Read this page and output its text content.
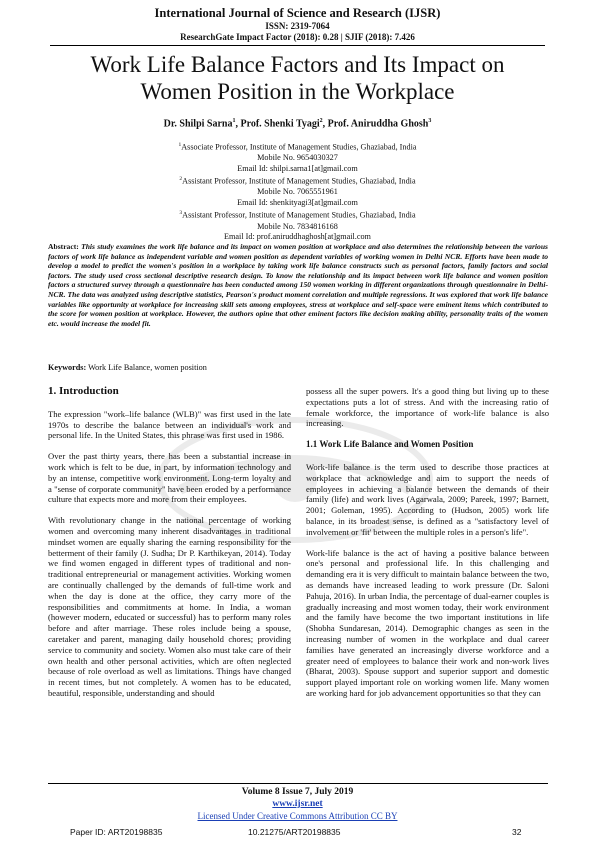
International Journal of Science and Research (IJSR)
ISSN: 2319-7064
ResearchGate Impact Factor (2018): 0.28 | SJIF (2018): 7.426
Work Life Balance Factors and Its Impact on
Women Position in the Workplace
Dr. Shilpi Sarna$^1$, Prof. Shenki Tyagi$^2$, Prof. Aniruddha Ghosh$^3$
$^1$Associate Professor, Institute of Management Studies, Ghaziabad, India
Mobile No. 9654030327
Email Id: shilpi.sarna1[at]gmail.com
$^2$Assistant Professor, Institute of Management Studies, Ghaziabad, India
Mobile No. 7065551961
Email Id: shenkityagi3[at]gmail.com
$^3$Assistant Professor, Institute of Management Studies, Ghaziabad, India
Mobile No. 7834816168
Email Id: prof.aniruddhaghosh[at]gmail.com
Abstract: This study examines the work life balance and its impact on women position at workplace and also determines the relationship between the various factors of work life balance as independent variable and women position as dependent variables of working women in Delhi NCR. Efforts have been made to develop a model to predict the women's position in a workplace by taking work life balance constructs such as personal factors, family factors and social factors. The study used cross sectional descriptive research design. To know the relationship and its impact between work life balance and women position factors a structured survey through a questionnaire has been conducted among 150 women working in different organizations through questionnaire in Delhi-NCR. The data was analyzed using descriptive statistics, Pearson's product moment correlation and multiple regressions. It was explored that work life balance variables like opportunity at workplace for increasing skill sets among employees, stress at workplace and self-space were eminent items which contributed to the score for women position at workplace. However, the authors opine that other eminent factors like decision making ability, personality traits of the women etc. would increase the model fit.
Keywords: Work Life Balance, women position

1. Introduction

The expression "work–life balance (WLB)" was first used in the late 1970s to describe the balance between an individual's work and personal life. In the United States, this phrase was first used in 1986.

Over the past thirty years, there has been a substantial increase in work which is felt to be due, in part, by information technology and by an intense, competitive work environment. Long-term loyalty and a "sense of corporate community" have been eroded by a performance culture that expects more and more from their employees.

With revolutionary change in the national percentage of working women and overcoming many inherent disadvantages in traditional mindset women are equally sharing the earning responsibility for the betterment of their family (J. Sudha; Dr P. Karthikeyan, 2014). Today we find women engaged in different types of traditional and non-traditional entrepreneurial or management activities. Working women are continually challenged by the demands of full-time work and when the day is done at the office, they carry more of the responsibilities and commitments at home. In India, a woman (however modern, educated or successful) has to perform many roles before and after marriage. These roles include being a spouse, caretaker and parent, managing daily household chores; providing service to community and society. Women also must take care of their own health and other personal activities, which are often neglected because of role overload as well as limitations. Things have changed in recent times, but not completely. A women has to be educated, beautiful, responsible, understanding and should

possess all the super powers. It's a good thing but living up to these expectations puts a lot of stress. And with the increasing ratio of female workforce, the importance of work-life balance is also increasing.

1.1 Work Life Balance and Women Position

Work-life balance is the term used to describe those practices at workplace that acknowledge and aim to support the needs of employees in achieving a balance between the demands of their family (life) and work lives (Agarwala, 2009; Pareek, 1997; Barnett, 2001; Goleman, 1995). According to (Hudson, 2005) work life balance, in its broadest sense, is defined as a "satisfactory level of involvement or 'fit' between the multiple roles in a person's life".

Work-life balance is the act of having a positive balance between one's personal and professional life. In this challenging and demanding era it is very difficult to maintain balance between the two, as demands have increased leading to work pressure (Dr. Saloni Pahuja, 2016). In urban India, the percentage of dual-earner couples is gradually increasing and most women today, their work environment and the family have become the two important institutions in life (Shobha Sundaresan, 2014). Demographic changes as seen in the increasing number of women in the workplace and dual career families have generated an increasingly diverse workforce and a greater need of employees to balance their work and non-work lives (Bharat, 2003). Spouse support and superior support and domestic support played important role on working women life. Many women are working hard for job advancement opportunities so that they can

Volume 8 Issue 7, July 2019
www.ijsr.net
Licensed Under Creative Commons Attribution CC BY
Paper ID: ART20198835	10.21275/ART20198835	32
